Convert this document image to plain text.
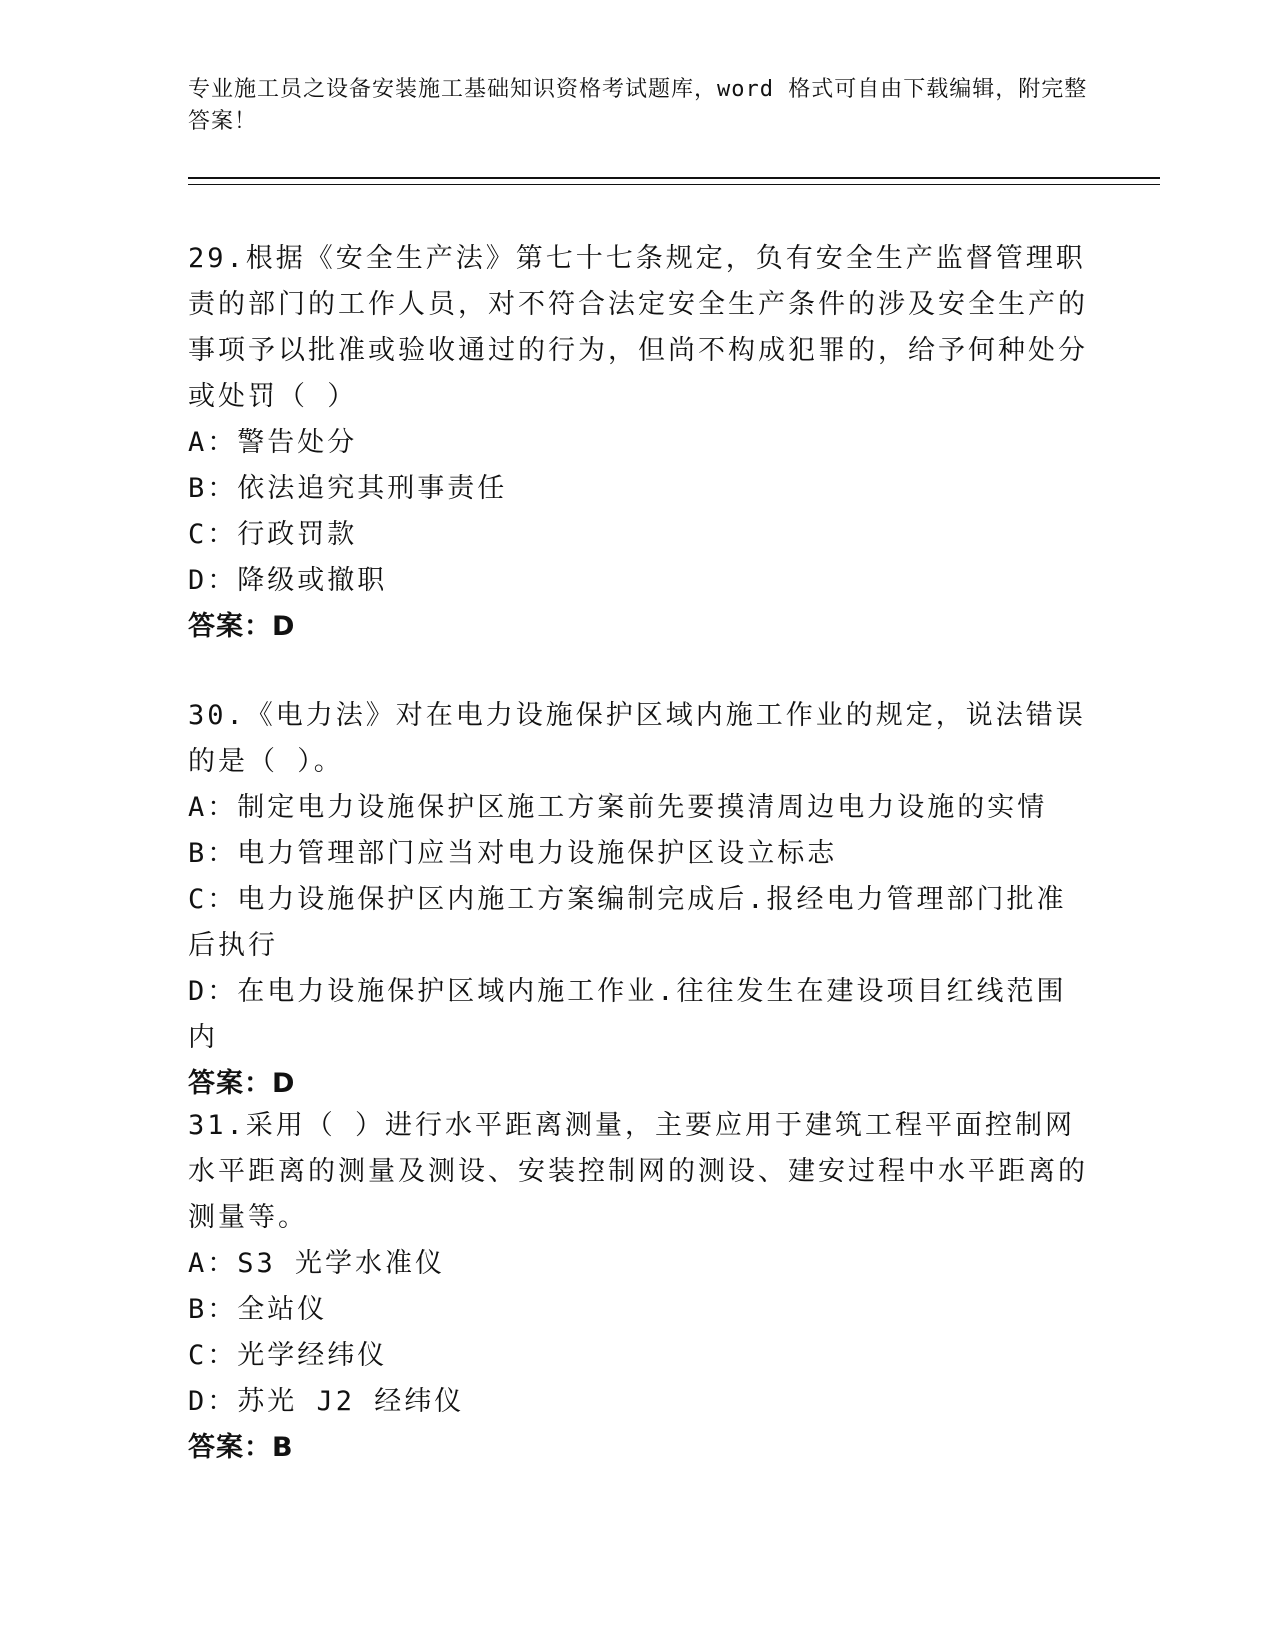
专业施工员之设备安装施工基础知识资格考试题库，word 格式可自由下载编辑，附完整答案！

29.根据《安全生产法》第七十七条规定，负有安全生产监督管理职责的部门的工作人员，对不符合法定安全生产条件的涉及安全生产的事项予以批准或验收通过的行为，但尚不构成犯罪的，给予何种处分或处罚（ ）

A：警告处分

B：依法追究其刑事责任

C：行政罚款

D：降级或撤职

答案：D

30.《电力法》对在电力设施保护区域内施工作业的规定，说法错误的是（ ）。

A：制定电力设施保护区施工方案前先要摸清周边电力设施的实情

B：电力管理部门应当对电力设施保护区设立标志

C：电力设施保护区内施工方案编制完成后.报经电力管理部门批准后执行

D：在电力设施保护区域内施工作业.往往发生在建设项目红线范围内

答案：D

31.采用（ ）进行水平距离测量，主要应用于建筑工程平面控制网水平距离的测量及测设、安装控制网的测设、建安过程中水平距离的测量等。

A：S3 光学水准仪

B：全站仪

C：光学经纬仪

D：苏光 J2 经纬仪

答案：B
